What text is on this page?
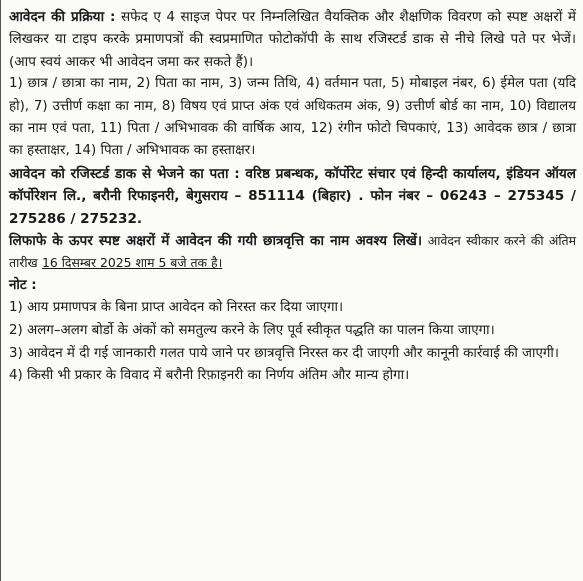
आवेदन की प्रक्रिया : सफेद ए 4 साइज पेपर पर निम्नलिखित वैयक्तिक और शैक्षणिक विवरण को स्पष्ट अक्षरों में लिखकर या टाइप करके प्रमाणपत्रों की स्वप्रमाणित फोटोकॉपी के साथ रजिस्टर्ड डाक से नीचे लिखे पते पर भेजें। (आप स्वयं आकर भी आवेदन जमा कर सकते हैं)।

1) छात्र / छात्रा का नाम, 2) पिता का नाम, 3) जन्म तिथि, 4) वर्तमान पता, 5) मोबाइल नंबर, 6) ईमेल पता (यदि हो), 7) उत्तीर्ण कक्षा का नाम, 8) विषय एवं प्राप्त अंक एवं अधिकतम अंक, 9) उत्तीर्ण बोर्ड का नाम, 10) विद्यालय का नाम एवं पता, 11) पिता / अभिभावक की वार्षिक आय, 12) रंगीन फोटो चिपकाएं, 13) आवेदक छात्र / छात्रा का हस्ताक्षर, 14) पिता / अभिभावक का हस्ताक्षर।

आवेदन को रजिस्टर्ड डाक से भेजने का पता : वरिष्ठ प्रबन्धक, कॉर्पोरेट संचार एवं हिन्दी कार्यालय, इंडियन ऑयल कॉर्पोरेशन लि., बरौनी रिफाइनरी, बेगुसराय – 851114 (बिहार) . फोन नंबर – 06243 – 275345 / 275286 / 275232.

लिफाफे के ऊपर स्पष्ट अक्षरों में आवेदन की गयी छात्रवृत्ति का नाम अवश्य लिखें। आवेदन स्वीकार करने की अंतिम तारीख 16 दिसम्बर 2025 शाम 5 बजे तक है।

नोट :

1) आय प्रमाणपत्र के बिना प्राप्त आवेदन को निरस्त कर दिया जाएगा।

2) अलग–अलग बोर्डो के अंकों को समतुल्य करने के लिए पूर्व स्वीकृत पद्धति का पालन किया जाएगा।

3) आवेदन में दी गई जानकारी गलत पाये जाने पर छात्रवृत्ति निरस्त कर दी जाएगी और कानूनी कार्रवाई की जाएगी।

4) किसी भी प्रकार के विवाद में बरौनी रिफ़ाइनरी का निर्णय अंतिम और मान्य होगा।
